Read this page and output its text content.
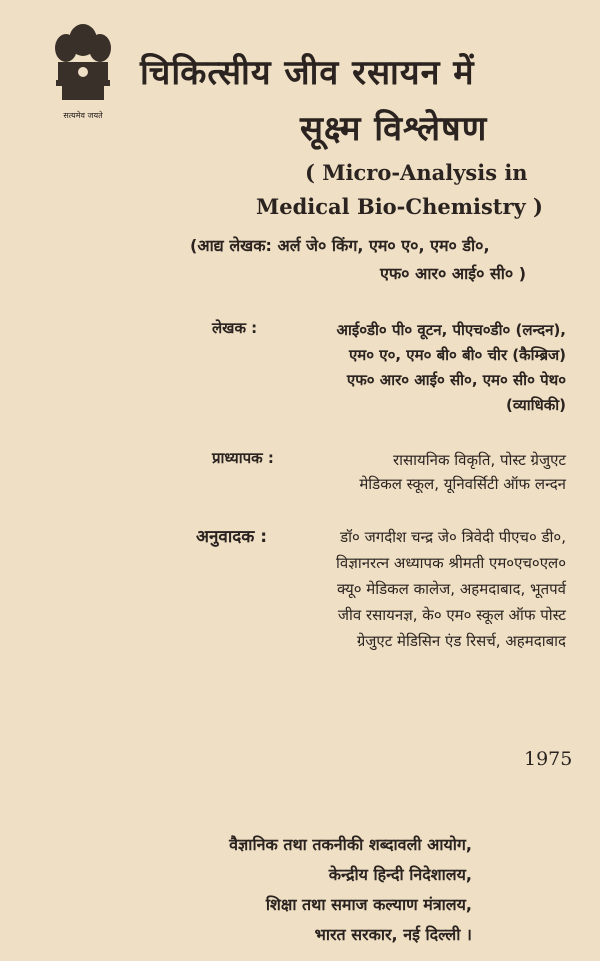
सत्यमेव जयते
चिकित्सीय जीव रसायन में
सूक्ष्म विश्लेषण
( Micro-Analysis in
Medical Bio-Chemistry )
(आद्य लेखक: अर्ल जे० किंग, एम० ए०, एम० डी०,
एफ० आर० आई० सी० )
लेखक :	आई०डी० पी० वूटन, पीएच०डी० (लन्दन),
एम० ए०, एम० बी० बी० चीर (कैम्ब्रिज)
एफ० आर० आई० सी०, एम० सी० पेथ०
(व्याधिकी)
प्राध्यापक :	रासायनिक विकृति, पोस्ट ग्रेजुएट
मेडिकल स्कूल, यूनिवर्सिटी ऑफ लन्दन
अनुवादक :	डॉ० जगदीश चन्द्र जे० त्रिवेदी पीएच० डी०,
विज्ञानरत्न अध्यापक श्रीमती एम०एच०एल०
क्यू० मेडिकल कालेज, अहमदाबाद, भूतपर्व
जीव रसायनज्ञ, के० एम० स्कूल ऑफ पोस्ट
ग्रेजुएट मेडिसिन एंड रिसर्च, अहमदाबाद
1975
वैज्ञानिक तथा तकनीकी शब्दावली आयोग,
केन्द्रीय हिन्दी निदेशालय,
शिक्षा तथा समाज कल्याण मंत्रालय,
भारत सरकार, नई दिल्ली ।
